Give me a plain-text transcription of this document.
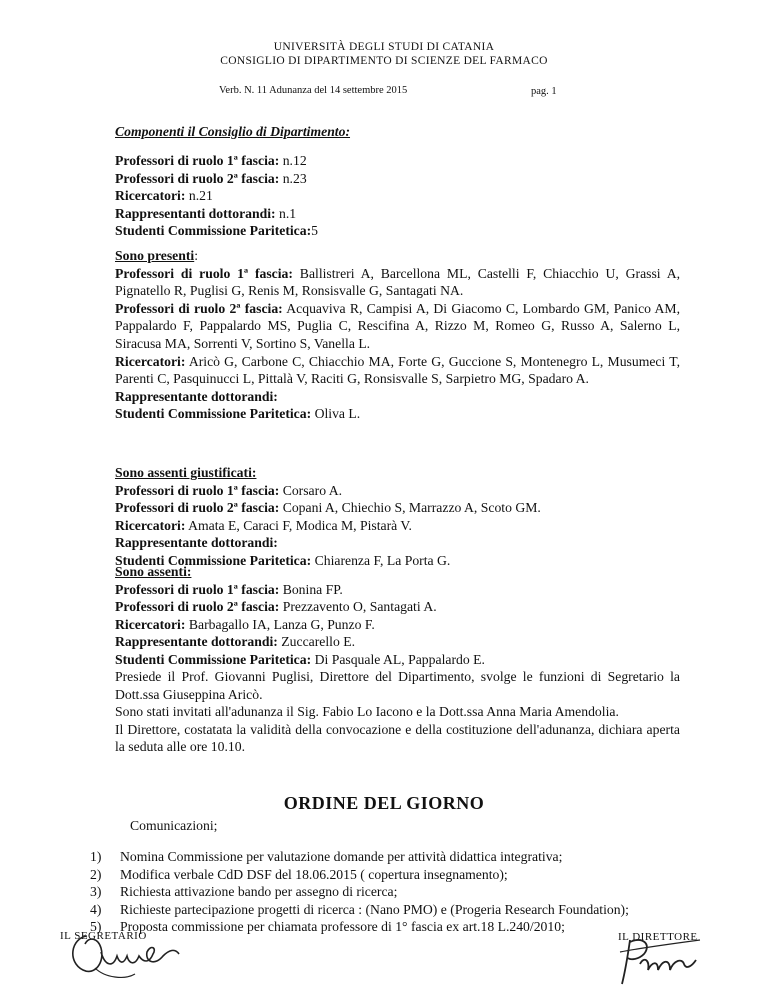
UNIVERSITÀ DEGLI STUDI DI CATANIA
CONSIGLIO DI DIPARTIMENTO DI SCIENZE DEL FARMACO
Verb. N. 11 Adunanza del 14 settembre 2015	pag. 1
Componenti il Consiglio di Dipartimento:
Professori di ruolo 1ª fascia: n.12
Professori di ruolo 2ª fascia: n.23
Ricercatori: n.21
Rappresentanti dottorandi: n.1
Studenti Commissione Paritetica:5
Sono presenti:
Professori di ruolo 1ª fascia: Ballistreri A, Barcellona ML, Castelli F, Chiacchio U, Grassi A, Pignatello R, Puglisi G, Renis M, Ronsisvalle G, Santagati NA.
Professori di ruolo 2ª fascia: Acquaviva R, Campisi A, Di Giacomo C, Lombardo GM, Panico AM, Pappalardo F, Pappalardo MS, Puglia C, Rescifina A, Rizzo M, Romeo G, Russo A, Salerno L, Siracusa MA, Sorrenti V, Sortino S, Vanella L.
Ricercatori: Aricò G, Carbone C, Chiacchio MA, Forte G, Guccione S, Montenegro L, Musumeci T, Parenti C, Pasquinucci L, Pittalà V, Raciti G, Ronsisvalle S, Sarpietro MG, Spadaro A.
Rappresentante dottorandi:
Studenti Commissione Paritetica: Oliva L.
Sono assenti giustificati:
Professori di ruolo 1ª fascia: Corsaro A.
Professori di ruolo 2ª fascia: Copani A, Chiechio S, Marrazzo A, Scoto GM.
Ricercatori: Amata E, Caraci F, Modica M, Pistarà V.
Rappresentante dottorandi:
Studenti Commissione Paritetica: Chiarenza F, La Porta G.
Sono assenti:
Professori di ruolo 1ª fascia: Bonina FP.
Professori di ruolo 2ª fascia: Prezzavento O, Santagati A.
Ricercatori: Barbagallo IA, Lanza G, Punzo F.
Rappresentante dottorandi: Zuccarello E.
Studenti Commissione Paritetica: Di Pasquale AL, Pappalardo E.
Presiede il Prof. Giovanni Puglisi, Direttore del Dipartimento, svolge le funzioni di Segretario la Dott.ssa Giuseppina Aricò.
Sono stati invitati all'adunanza il Sig. Fabio Lo Iacono e la Dott.ssa Anna Maria Amendolia.
Il Direttore, costatata la validità della convocazione e della costituzione dell'adunanza, dichiara aperta la seduta alle ore 10.10.
ORDINE DEL GIORNO
Comunicazioni;
1)	Nomina Commissione per valutazione domande per attività didattica integrativa;
2)	Modifica verbale CdD DSF del 18.06.2015 ( copertura insegnamento);
3)	Richiesta attivazione bando per assegno di ricerca;
4)	Richieste partecipazione progetti di ricerca : (Nano PMO) e (Progeria Research Foundation);
5)	Proposta commissione per chiamata professore di 1° fascia ex art.18 L.240/2010;
IL SEGRETARIO	IL DIRETTORE
